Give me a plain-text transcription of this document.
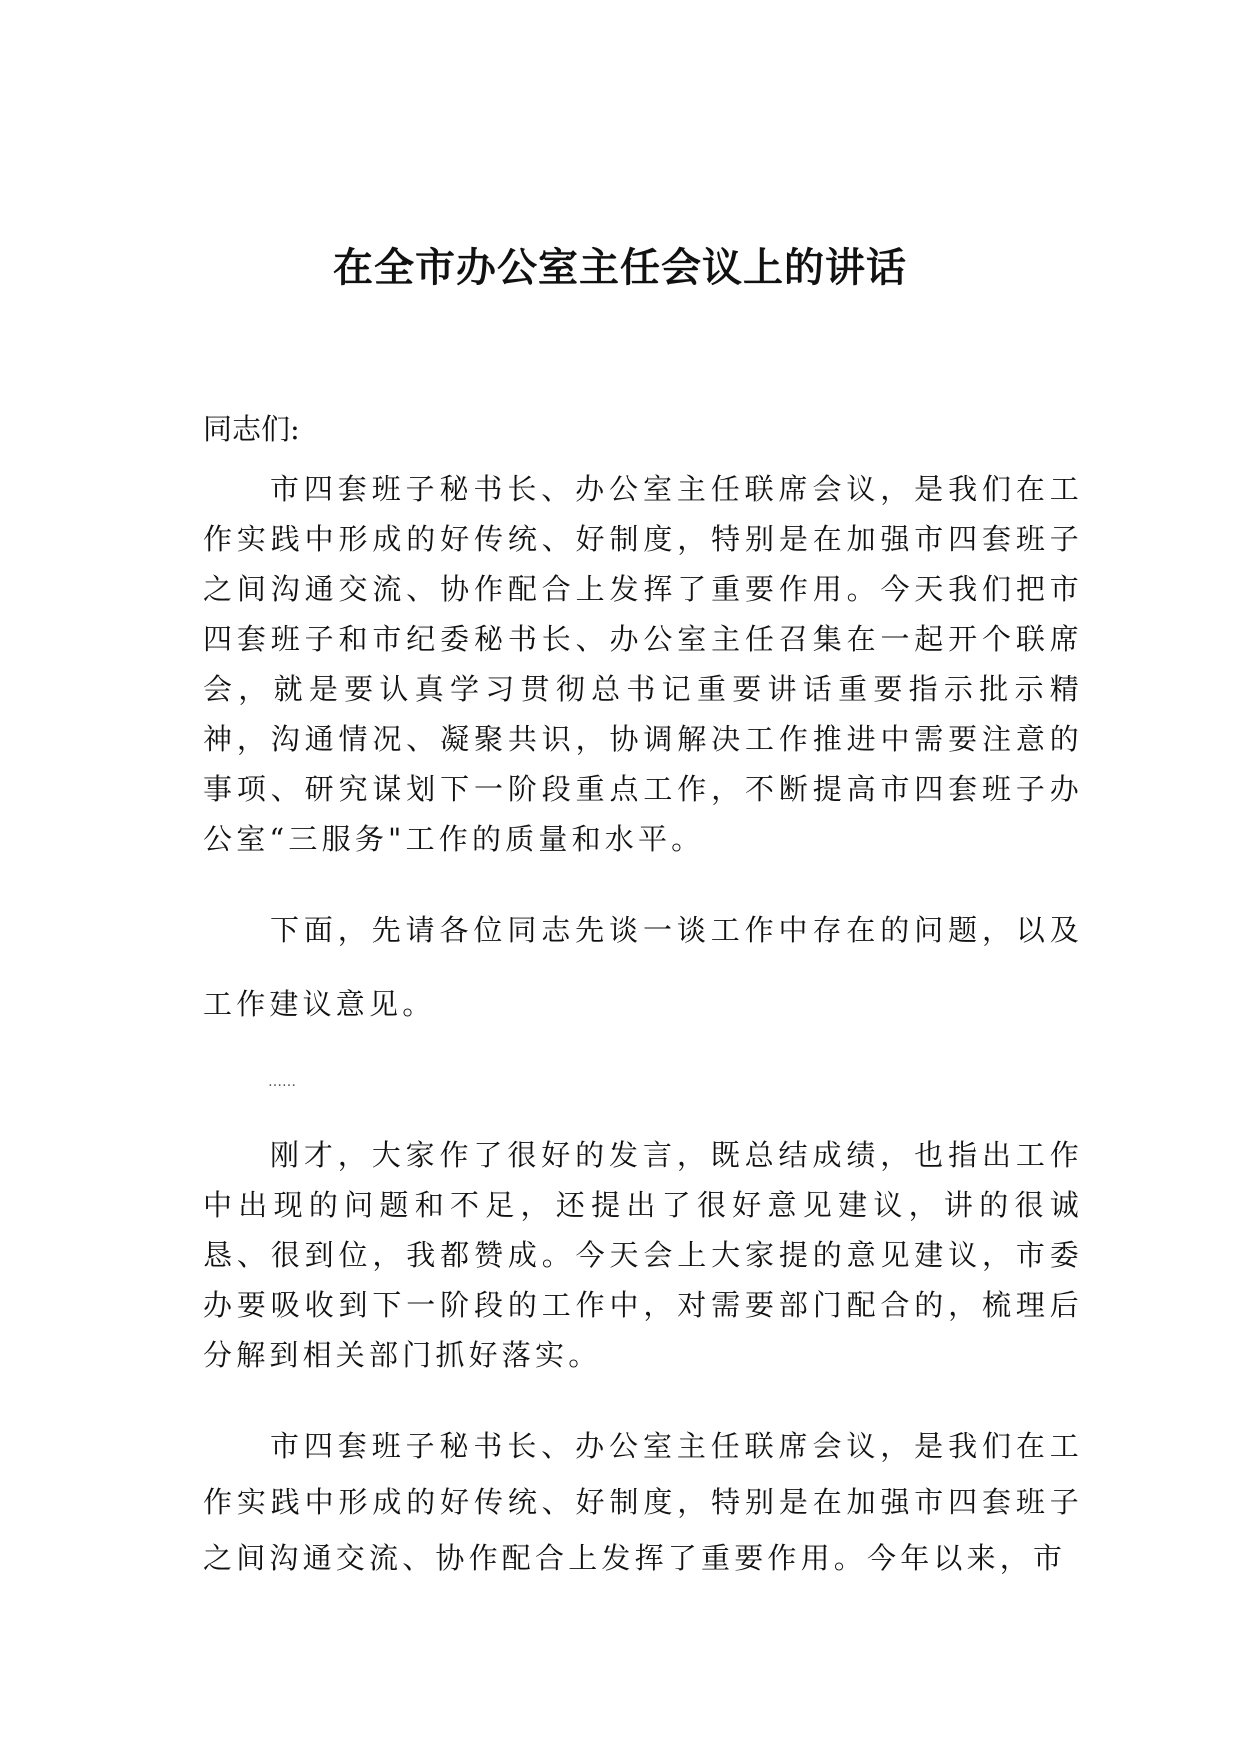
在全市办公室主任会议上的讲话

同志们:

市四套班子秘书长、办公室主任联席会议，是我们在工作实践中形成的好传统、好制度，特别是在加强市四套班子之间沟通交流、协作配合上发挥了重要作用。今天我们把市四套班子和市纪委秘书长、办公室主任召集在一起开个联席会，就是要认真学习贯彻总书记重要讲话重要指示批示精神，沟通情况、凝聚共识，协调解决工作推进中需要注意的事项、研究谋划下一阶段重点工作，不断提高市四套班子办公室“三服务"工作的质量和水平。

下面，先请各位同志先谈一谈工作中存在的问题，以及工作建议意见。

……

刚才，大家作了很好的发言，既总结成绩，也指出工作中出现的问题和不足，还提出了很好意见建议，讲的很诚恳、很到位，我都赞成。今天会上大家提的意见建议，市委办要吸收到下一阶段的工作中，对需要部门配合的，梳理后分解到相关部门抓好落实。

市四套班子秘书长、办公室主任联席会议，是我们在工作实践中形成的好传统、好制度，特别是在加强市四套班子之间沟通交流、协作配合上发挥了重要作用。今年以来，市
